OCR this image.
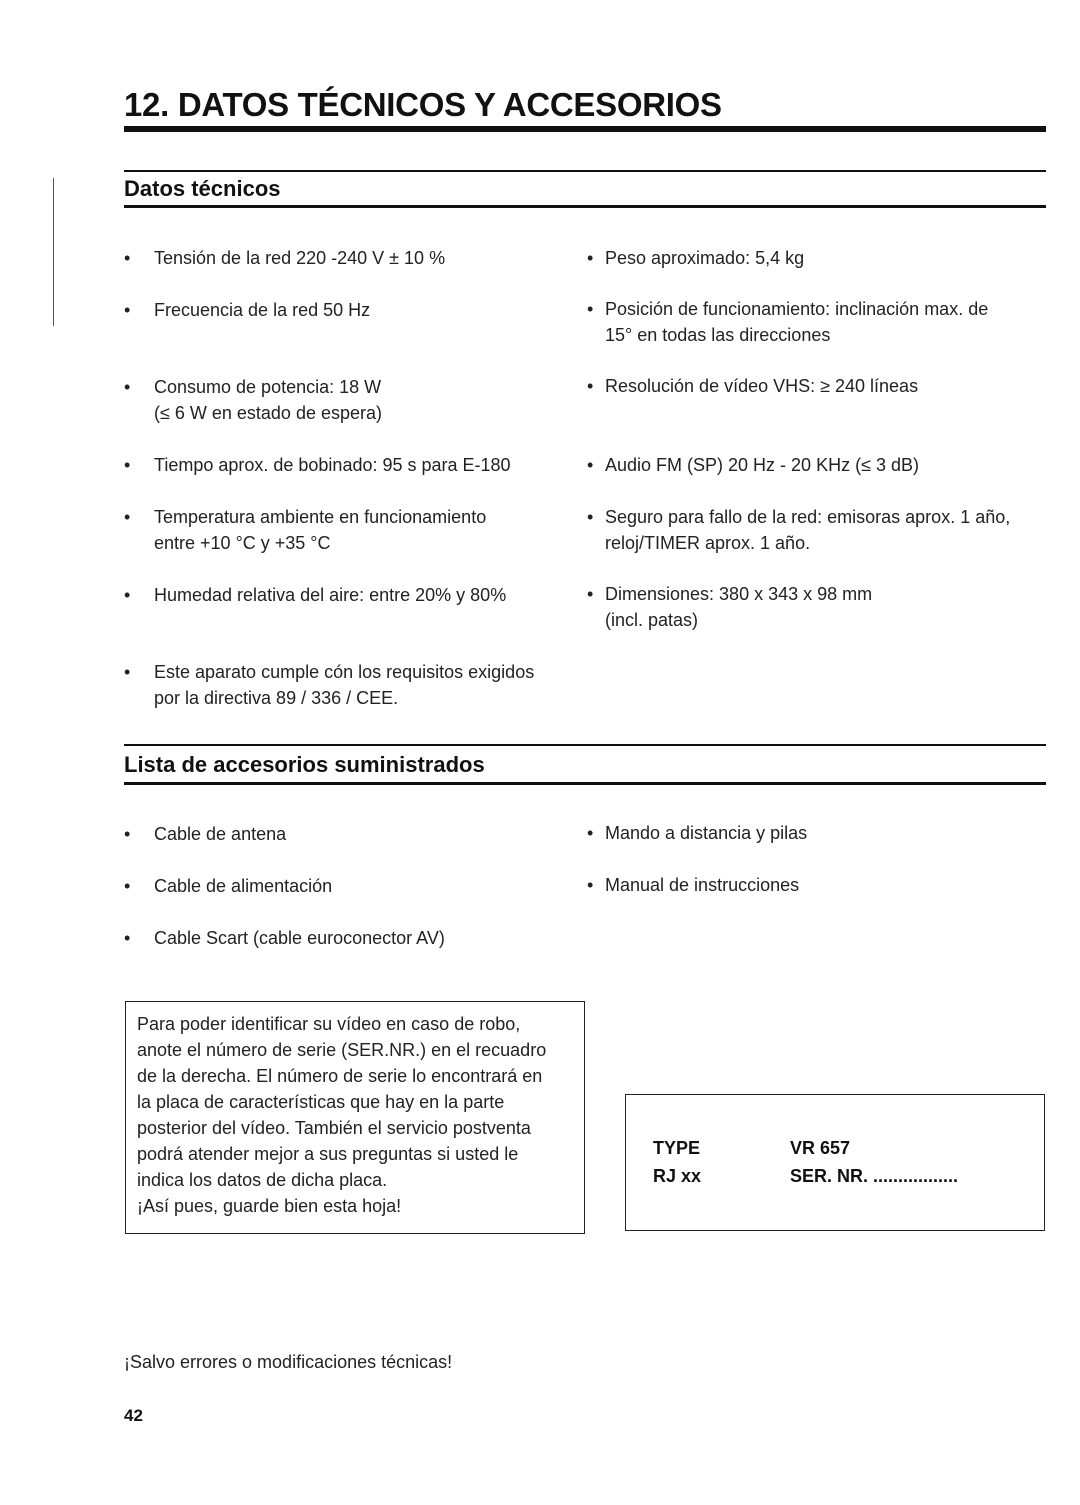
12. DATOS TÉCNICOS Y ACCESORIOS
Datos técnicos
•	Tensión de la red 220 -240 V ± 10 %
•	Frecuencia de la red 50 Hz
•	Consumo de potencia: 18 W
(≤ 6 W en estado de espera)
•	Tiempo aprox. de bobinado: 95 s para E-180
•	Temperatura ambiente en funcionamiento
entre +10 °C y +35 °C
•	Humedad relativa del aire: entre 20% y 80%
•	Este aparato cumple cón los requisitos exigidos
por la directiva 89 / 336 / CEE.
• Peso aproximado: 5,4 kg
• Posición de funcionamiento: inclinación max. de
15° en todas las direcciones
• Resolución de vídeo VHS: ≥ 240 líneas
• Audio FM (SP) 20 Hz - 20 KHz (≤ 3 dB)
• Seguro para fallo de la red: emisoras aprox. 1 año,
reloj/TIMER aprox. 1 año.
• Dimensiones: 380 x 343 x 98 mm
(incl. patas)
Lista de accesorios suministrados
•	Cable de antena
•	Cable de alimentación
•	Cable Scart (cable euroconector AV)
• Mando a distancia y pilas
• Manual de instrucciones
Para poder identificar su vídeo en caso de robo,
anote el número de serie (SER.NR.) en el recuadro
de la derecha. El número de serie lo encontrará en
la placa de características que hay en la parte
posterior del vídeo. También el servicio postventa
podrá atender mejor a sus preguntas si usted le
indica los datos de dicha placa.
¡Así pues, guarde bien esta hoja!
TYPE	VR 657
RJ xx	SER. NR. .................
¡Salvo errores o modificaciones técnicas!
42
